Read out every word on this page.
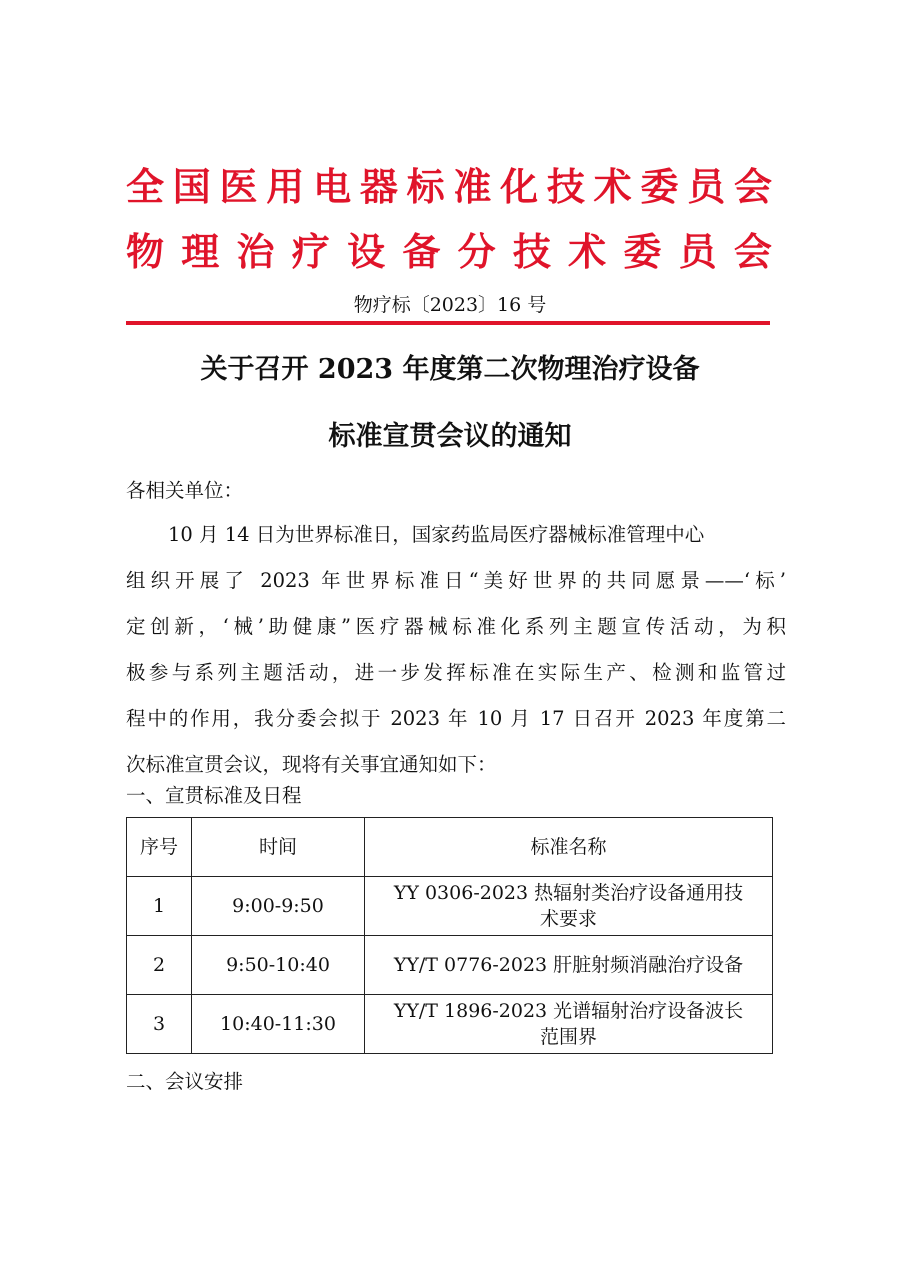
全 国 医 用 电 器 标 准 化 技 术 委 员 会
物 理 治 疗 设 备 分 技 术 委 员 会
物疗标〔2023〕16 号
关于召开 2023 年度第二次物理治疗设备
标准宣贯会议的通知
各相关单位：
10 月 14 日为世界标准日，国家药监局医疗器械标准管理中心
组织开展了 2023 年世界标准日“美好世界的共同愿景——‘标’
定创新，‘械’助健康”医疗器械标准化系列主题宣传活动，为积
极参与系列主题活动，进一步发挥标准在实际生产、检测和监管过
程中的作用，我分委会拟于 2023 年 10 月 17 日召开 2023 年度第二
次标准宣贯会议，现将有关事宜通知如下：
一、宣贯标准及日程
序号	时间	标准名称
1	9:00-9:50	YY 0306-2023 热辐射类治疗设备通用技
术要求

2	9:50-10:40	YY/T 0776-2023 肝脏射频消融治疗设备

3	10:40-11:30	YY/T 1896-2023 光谱辐射治疗设备波长
范围界
二、会议安排
